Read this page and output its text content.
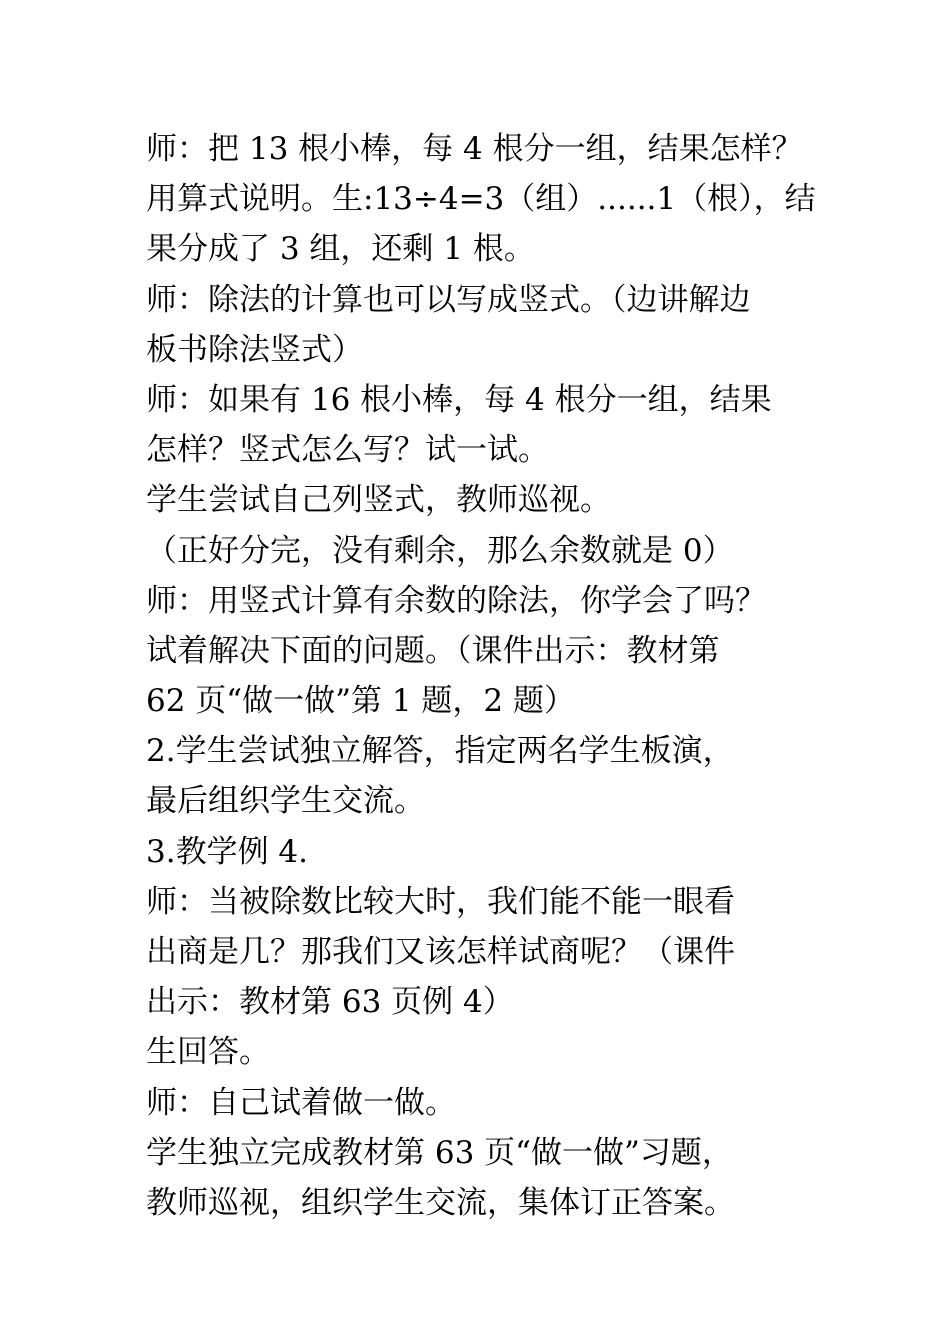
师：把 13 根小棒，每 4 根分一组，结果怎样？
用算式说明。生:13÷4=3（组）......1（根），结
果分成了 3 组，还剩 1 根。
师：除法的计算也可以写成竖式。（边讲解边
板书除法竖式）
师：如果有 16 根小棒，每 4 根分一组，结果
怎样？竖式怎么写？试一试。
学生尝试自己列竖式，教师巡视。
（正好分完，没有剩余，那么余数就是 0）
师：用竖式计算有余数的除法，你学会了吗？
试着解决下面的问题。（课件出示：教材第
62 页“做一做”第 1 题，2 题）
2.学生尝试独立解答，指定两名学生板演，
最后组织学生交流。
3.教学例 4.
师：当被除数比较大时，我们能不能一眼看
出商是几？那我们又该怎样试商呢？（课件
出示：教材第 63 页例 4）
生回答。
师：自己试着做一做。
学生独立完成教材第 63 页“做一做”习题，
教师巡视，组织学生交流，集体订正答案。
